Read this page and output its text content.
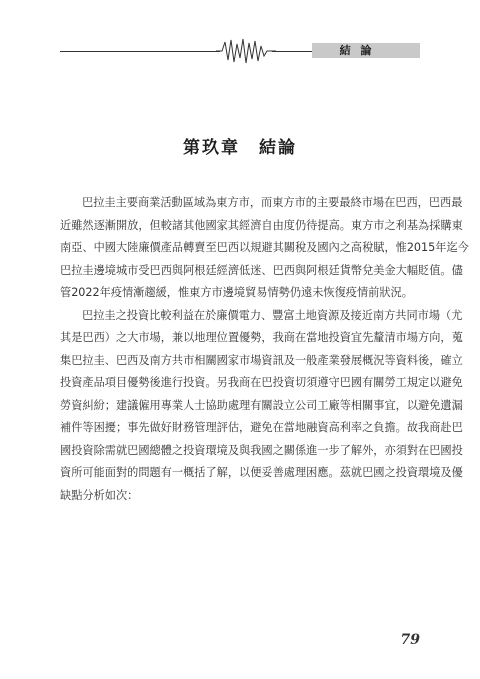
結 論
第玖章　結論
巴拉圭主要商業活動區域為東方市，而東方市的主要最終市場在巴西，巴西最
近雖然逐漸開放，但較諸其他國家其經濟自由度仍待提高。東方市之利基為採購東
南亞、中國大陸廉價產品轉賣至巴西以規避其關稅及國內之高稅賦，惟2015年迄今
巴拉圭邊境城市受巴西與阿根廷經濟低迷、巴西與阿根廷貨幣兌美金大幅貶值。儘
管2022年疫情漸趨緩，惟東方市邊境貿易情勢仍遠未恢復疫情前狀況。
巴拉圭之投資比較利益在於廉價電力、豐富土地資源及接近南方共同市場（尤
其是巴西）之大市場，兼以地理位置優勢，我商在當地投資宜先釐清市場方向，蒐
集巴拉圭、巴西及南方共市相關國家市場資訊及一般產業發展概況等資料後，確立
投資產品項目優勢後進行投資。另我商在巴投資切須遵守巴國有關勞工規定以避免
勞資糾紛；建議僱用專業人士協助處理有關設立公司工廠等相關事宜，以避免遺漏
補件等困擾；事先做好財務管理評估，避免在當地融資高利率之負擔。故我商赴巴
國投資除需就巴國總體之投資環境及與我國之關係進一步了解外，亦須對在巴國投
資所可能面對的問題有一概括了解，以便妥善處理困應。茲就巴國之投資環境及優
缺點分析如次：
79
